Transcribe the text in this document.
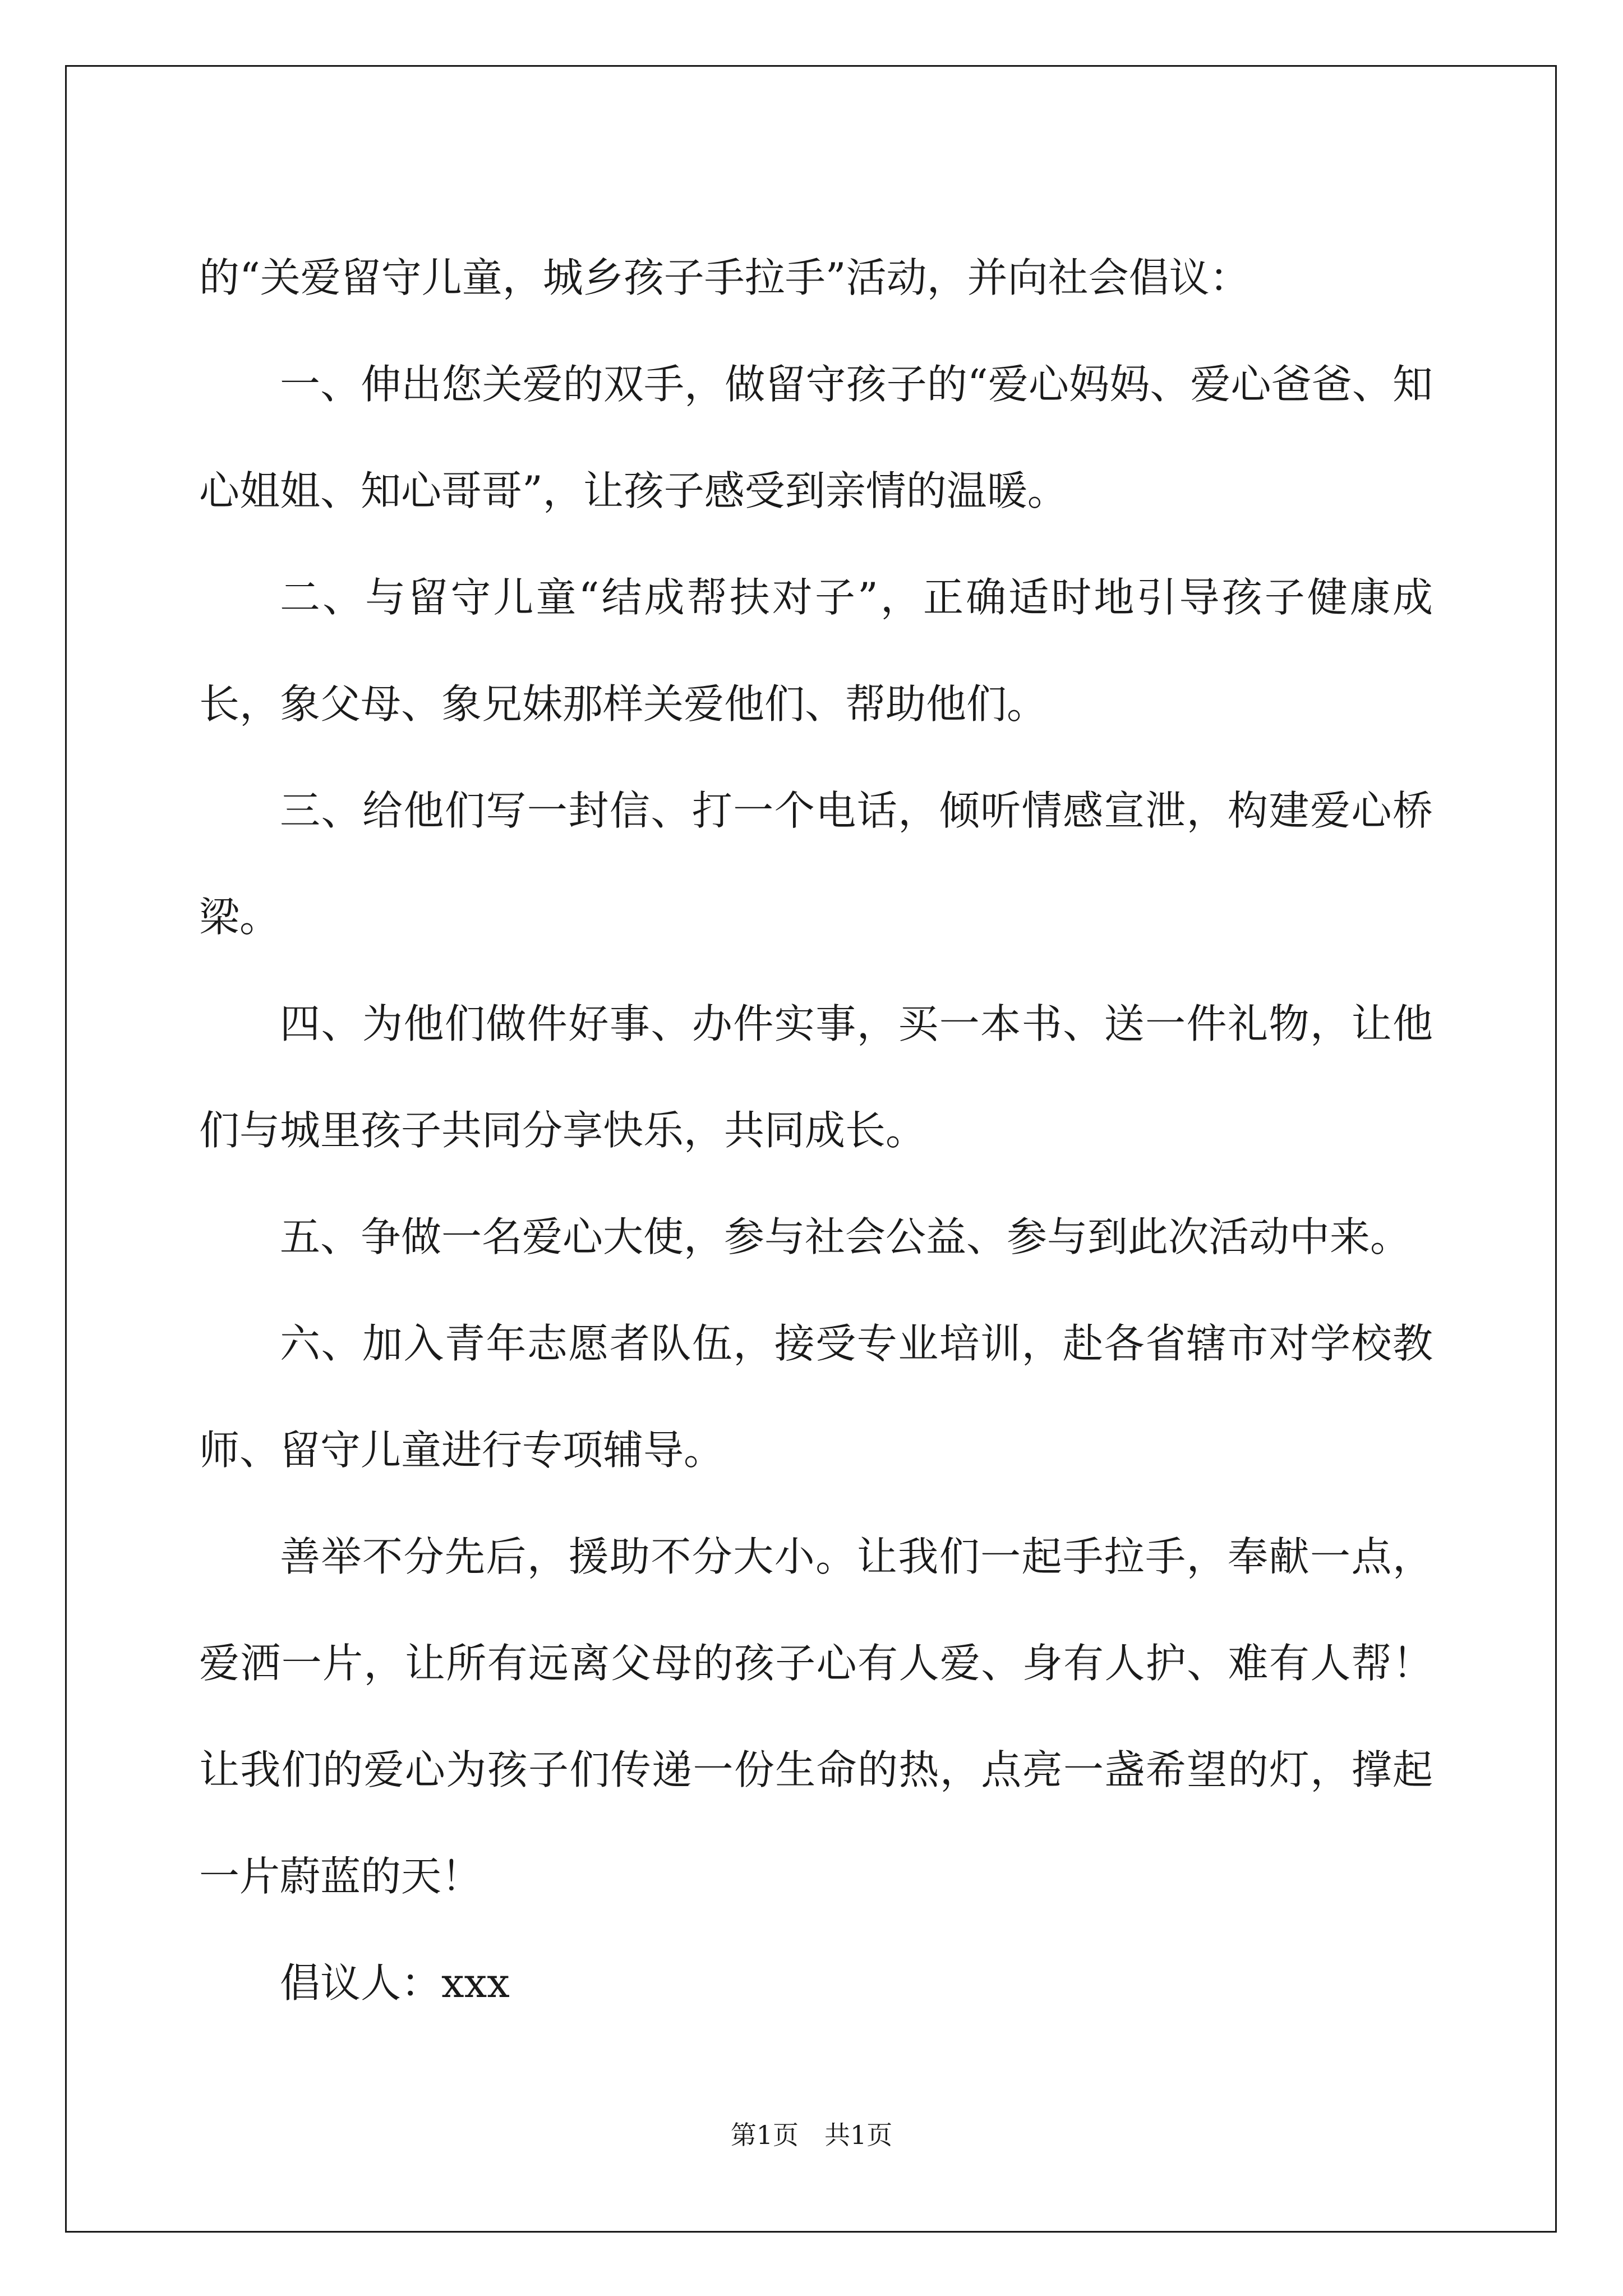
的“关爱留守儿童，城乡孩子手拉手”活动，并向社会倡议：

一、伸出您关爱的双手，做留守孩子的“爱心妈妈、爱心爸爸、知心姐姐、知心哥哥”，让孩子感受到亲情的温暖。

二、与留守儿童“结成帮扶对子”，正确适时地引导孩子健康成长，象父母、象兄妹那样关爱他们、帮助他们。

三、给他们写一封信、打一个电话，倾听情感宣泄，构建爱心桥梁。

四、为他们做件好事、办件实事，买一本书、送一件礼物，让他们与城里孩子共同分享快乐，共同成长。

五、争做一名爱心大使，参与社会公益、参与到此次活动中来。

六、加入青年志愿者队伍，接受专业培训，赴各省辖市对学校教师、留守儿童进行专项辅导。

善举不分先后，援助不分大小。让我们一起手拉手，奉献一点，爱洒一片，让所有远离父母的孩子心有人爱、身有人护、难有人帮！让我们的爱心为孩子们传递一份生命的热，点亮一盏希望的灯，撑起一片蔚蓝的天！

倡议人：xxx

第1页　共1页
